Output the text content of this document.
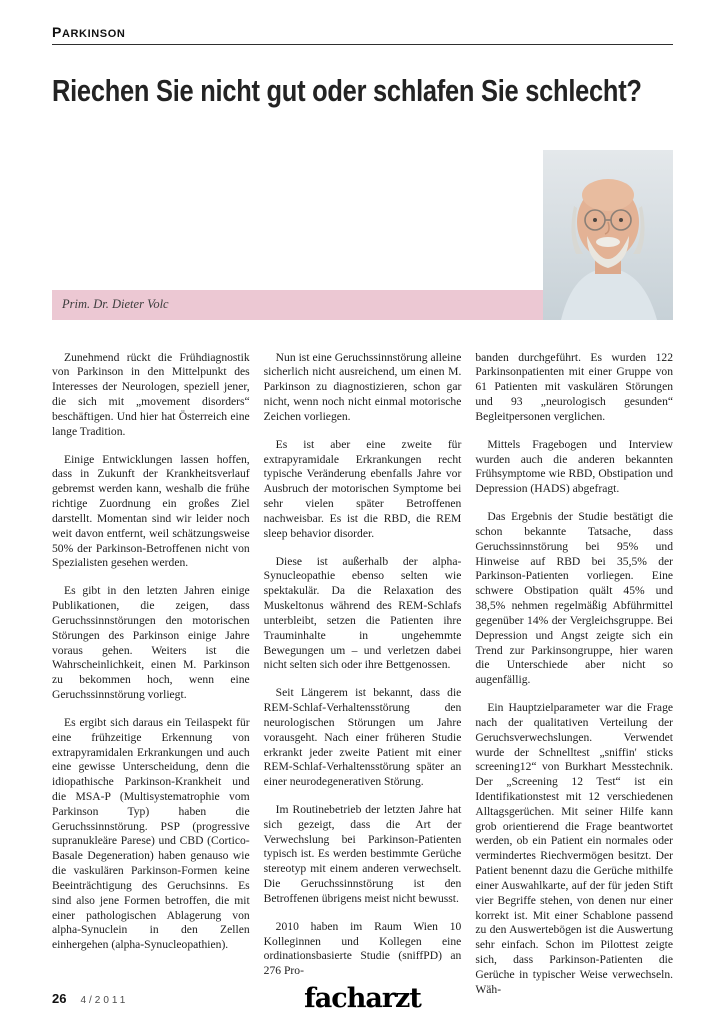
PARKINSON
Riechen Sie nicht gut oder schlafen Sie schlecht?
Prim. Dr. Dieter Volc

Zunehmend rückt die Frühdiagnostik von Parkinson in den Mittelpunkt des Interesses der Neurologen, speziell jener, die sich mit „movement disorders“ beschäftigen. Und hier hat Österreich eine lange Tradition.

Einige Entwicklungen lassen hoffen, dass in Zukunft der Krankheitsverlauf gebremst werden kann, weshalb die frühe richtige Zuordnung ein großes Ziel darstellt. Momentan sind wir leider noch weit davon entfernt, weil schätzungsweise 50% der Parkinson-Betroffenen nicht von Spezialisten gesehen werden.

Es gibt in den letzten Jahren einige Publikationen, die zeigen, dass Geruchssinnstörungen den motorischen Störungen des Parkinson einige Jahre voraus gehen. Weiters ist die Wahrscheinlichkeit, einen M. Parkinson zu bekommen hoch, wenn eine Geruchssinnstörung vorliegt.

Es ergibt sich daraus ein Teilaspekt für eine frühzeitige Erkennung von extrapyramidalen Erkrankungen und auch eine gewisse Unterscheidung, denn die idiopathische Parkinson-Krankheit und die MSA-P (Multisystematrophie vom Parkinson Typ) haben die Geruchssinnstörung. PSP (progressive supranukleäre Parese) und CBD (Cortico-Basale Degeneration) haben genauso wie die vaskulären Parkinson-Formen keine Beeinträchtigung des Geruchsinns. Es sind also jene Formen betroffen, die mit einer pathologischen Ablagerung von alpha-Synuclein in den Zellen einhergehen (alpha-Synucleopathien).

Nun ist eine Geruchssinnstörung alleine sicherlich nicht ausreichend, um einen M. Parkinson zu diagnostizieren, schon gar nicht, wenn noch nicht einmal motorische Zeichen vorliegen.

Es ist aber eine zweite für extrapyramidale Erkrankungen recht typische Veränderung ebenfalls Jahre vor Ausbruch der motorischen Symptome bei sehr vielen später Betroffenen nachweisbar. Es ist die RBD, die REM sleep behavior disorder.

Diese ist außerhalb der alpha-Synucleopathie ebenso selten wie spektakulär. Da die Relaxation des Muskeltonus während des REM-Schlafs unterbleibt, setzen die Patienten ihre Trauminhalte in ungehemmte Bewegungen um – und verletzen dabei nicht selten sich oder ihre Bettgenossen.

Seit Längerem ist bekannt, dass die REM-Schlaf-Verhaltensstörung den neurologischen Störungen um Jahre vorausgeht. Nach einer früheren Studie erkrankt jeder zweite Patient mit einer REM-Schlaf-Verhaltensstörung später an einer neurodegenerativen Störung.

Im Routinebetrieb der letzten Jahre hat sich gezeigt, dass die Art der Verwechslung bei Parkinson-Patienten typisch ist. Es werden bestimmte Gerüche stereotyp mit einem anderen verwechselt. Die Geruchssinnstörung ist den Betroffenen übrigens meist nicht bewusst.

2010 haben im Raum Wien 10 Kolleginnen und Kollegen eine ordinationsbasierte Studie (sniffPD) an 276 Pro-

banden durchgeführt. Es wurden 122 Parkinsonpatienten mit einer Gruppe von 61 Patienten mit vaskulären Störungen und 93 „neurologisch gesunden“ Begleitpersonen verglichen.

Mittels Fragebogen und Interview wurden auch die anderen bekannten Frühsymptome wie RBD, Obstipation und Depression (HADS) abgefragt.

Das Ergebnis der Studie bestätigt die schon bekannte Tatsache, dass Geruchssinnstörung bei 95% und Hinweise auf RBD bei 35,5% der Parkinson-Patienten vorliegen. Eine schwere Obstipation quält 45% und 38,5% nehmen regelmäßig Abführmittel gegenüber 14% der Vergleichsgruppe. Bei Depression und Angst zeigte sich ein Trend zur Parkinsongruppe, hier waren die Unterschiede aber nicht so augenfällig.

Ein Hauptzielparameter war die Frage nach der qualitativen Verteilung der Geruchsverwechslungen. Verwendet wurde der Schnelltest „sniffin' sticks screening12“ von Burkhart Messtechnik. Der „Screening 12 Test“ ist ein Identifikationstest mit 12 verschiedenen Alltagsgerüchen. Mit seiner Hilfe kann grob orientierend die Frage beantwortet werden, ob ein Patient ein normales oder vermindertes Riechvermögen besitzt. Der Patient benennt dazu die Gerüche mithilfe einer Auswahlkarte, auf der für jeden Stift vier Begriffe stehen, von denen nur einer korrekt ist. Mit einer Schablone passend zu den Auswertebögen ist die Auswertung sehr einfach. Schon im Pilottest zeigte sich, dass Parkinson-Patienten die Gerüche in typischer Weise verwechseln. Wäh-

26 4/2011	facharzt
